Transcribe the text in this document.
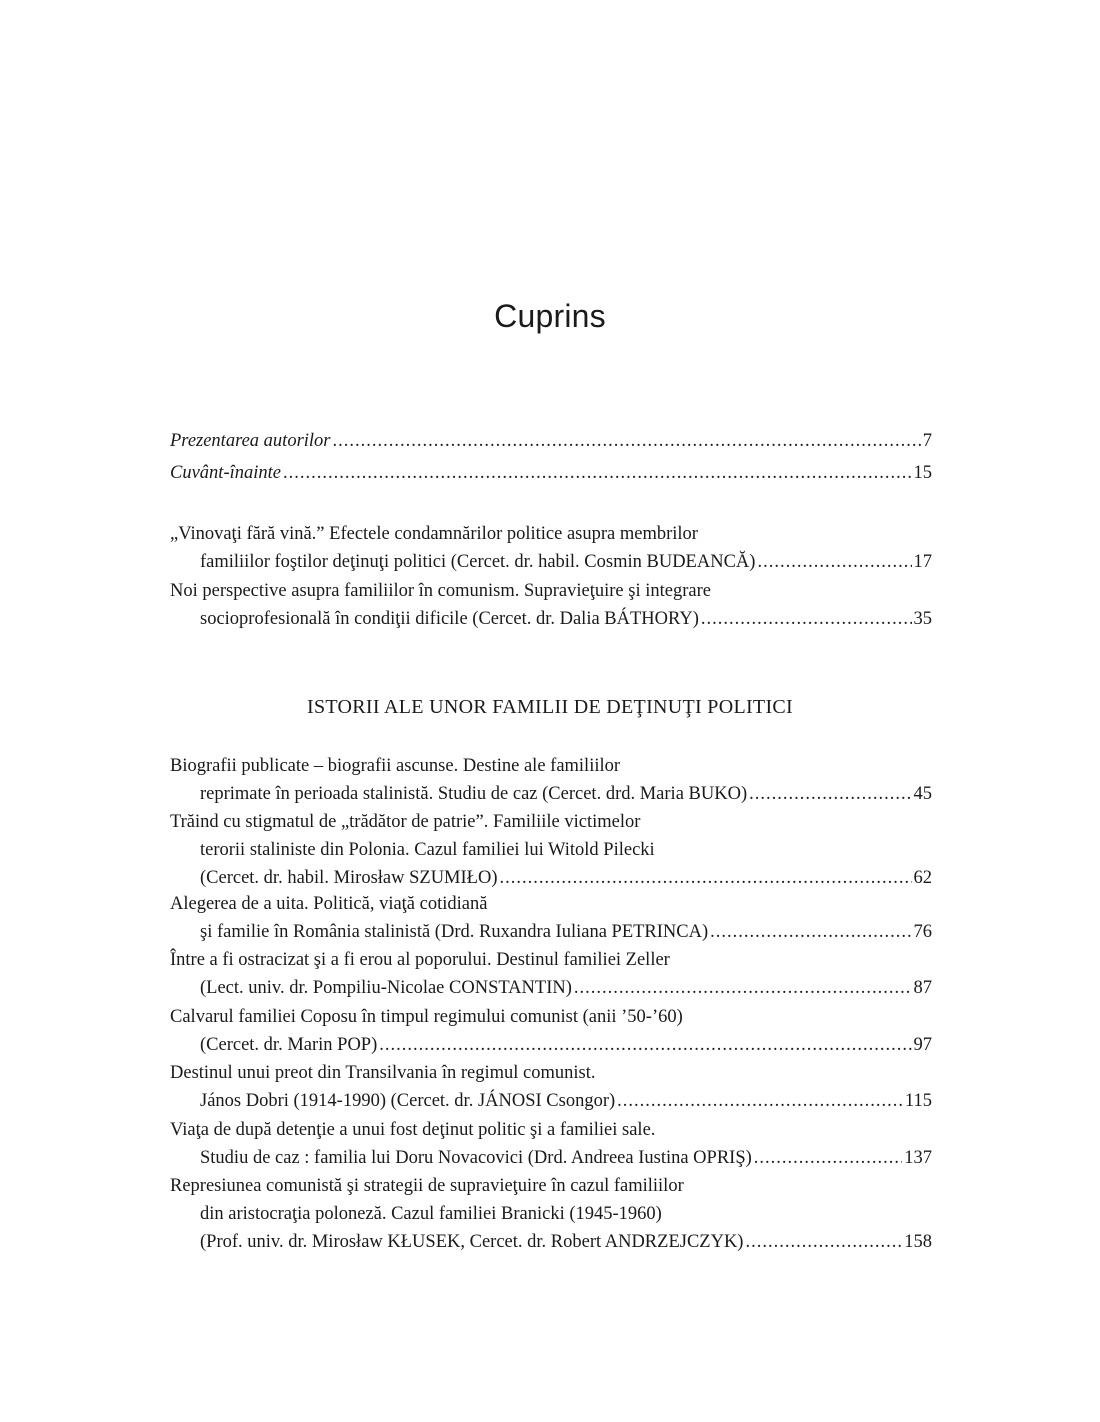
Cuprins
Prezentarea autorilor .....	7
Cuvânt-înainte .....	15
„Vinovaţi fără vină.” Efectele condamnărilor politice asupra membrilor
familiilor foştilor deţinuţi politici (Cercet. dr. habil. Cosmin BUDEANCĂ) .....	17
Noi perspective asupra familiilor în comunism. Supravieţuire şi integrare
socioprofesională în condiţii dificile (Cercet. dr. Dalia BÁTHORY) .....	35
ISTORII ALE UNOR FAMILII DE DEŢINUŢI POLITICI
Biografii publicate – biografii ascunse. Destine ale familiilor
reprimate în perioada stalinistă. Studiu de caz (Cercet. drd. Maria BUKO) .....	45
Trăind cu stigmatul de „trădător de patrie”. Familiile victimelor
terorii staliniste din Polonia. Cazul familiei lui Witold Pilecki
(Cercet. dr. habil. Mirosław SZUMIŁO) .....	62
Alegerea de a uita. Politică, viaţă cotidiană
şi familie în România stalinistă (Drd. Ruxandra Iuliana PETRINCA) .....	76
Între a fi ostracizat şi a fi erou al poporului. Destinul familiei Zeller
(Lect. univ. dr. Pompiliu-Nicolae CONSTANTIN) .....	87
Calvarul familiei Coposu în timpul regimului comunist (anii ’50-’60)
(Cercet. dr. Marin POP) .....	97
Destinul unui preot din Transilvania în regimul comunist.
János Dobri (1914-1990) (Cercet. dr. JÁNOSI Csongor) .....	115
Viaţa de după detenţie a unui fost deţinut politic şi a familiei sale.
Studiu de caz : familia lui Doru Novacovici (Drd. Andreea Iustina OPRIŞ) .....	137
Represiunea comunistă şi strategii de supravieţuire în cazul familiilor
din aristocraţia poloneză. Cazul familiei Branicki (1945-1960)
(Prof. univ. dr. Mirosław KŁUSEK, Cercet. dr. Robert ANDRZEJCZYK) .....	158
